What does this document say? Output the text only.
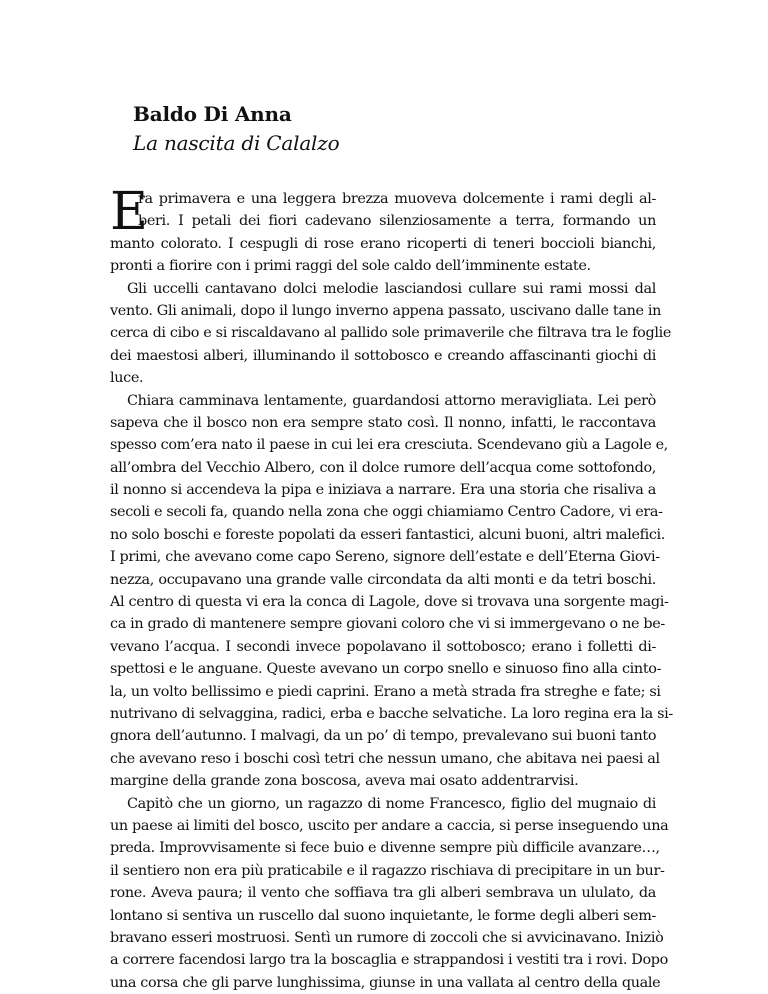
Baldo Di Anna
La nascita di Calalzo
E
ra primavera e una leggera brezza muoveva dolcemente i rami degli al-
beri. I petali dei fiori cadevano silenziosamente a terra, formando un
manto colorato. I cespugli di rose erano ricoperti di teneri boccioli bianchi,
pronti a fiorire con i primi raggi del sole caldo dell’imminente estate.
Gli uccelli cantavano dolci melodie lasciandosi cullare sui rami mossi dal
vento. Gli animali, dopo il lungo inverno appena passato, uscivano dalle tane in
cerca di cibo e si riscaldavano al pallido sole primaverile che filtrava tra le foglie
dei maestosi alberi, illuminando il sottobosco e creando affascinanti giochi di
luce.
Chiara camminava lentamente, guardandosi attorno meravigliata. Lei però
sapeva che il bosco non era sempre stato così. Il nonno, infatti, le raccontava
spesso com’era nato il paese in cui lei era cresciuta. Scendevano giù a Lagole e,
all’ombra del Vecchio Albero, con il dolce rumore dell’acqua come sottofondo,
il nonno si accendeva la pipa e iniziava a narrare. Era una storia che risaliva a
secoli e secoli fa, quando nella zona che oggi chiamiamo Centro Cadore, vi era-
no solo boschi e foreste popolati da esseri fantastici, alcuni buoni, altri malefici.
I primi, che avevano come capo Sereno, signore dell’estate e dell’Eterna Giovi-
nezza, occupavano una grande valle circondata da alti monti e da tetri boschi.
Al centro di questa vi era la conca di Lagole, dove si trovava una sorgente magi-
ca in grado di mantenere sempre giovani coloro che vi si immergevano o ne be-
vevano l’acqua. I secondi invece popolavano il sottobosco; erano i folletti di-
spettosi e le anguane. Queste avevano un corpo snello e sinuoso fino alla cinto-
la, un volto bellissimo e piedi caprini. Erano a metà strada fra streghe e fate; si
nutrivano di selvaggina, radici, erba e bacche selvatiche. La loro regina era la si-
gnora dell’autunno. I malvagi, da un po’ di tempo, prevalevano sui buoni tanto
che avevano reso i boschi così tetri che nessun umano, che abitava nei paesi al
margine della grande zona boscosa, aveva mai osato addentrarvisi.
Capitò che un giorno, un ragazzo di nome Francesco, figlio del mugnaio di
un paese ai limiti del bosco, uscito per andare a caccia, si perse inseguendo una
preda. Improvvisamente si fece buio e divenne sempre più difficile avanzare…,
il sentiero non era più praticabile e il ragazzo rischiava di precipitare in un bur-
rone. Aveva paura; il vento che soffiava tra gli alberi sembrava un ululato, da
lontano si sentiva un ruscello dal suono inquietante, le forme degli alberi sem-
bravano esseri mostruosi. Sentì un rumore di zoccoli che si avvicinavano. Iniziò
a correre facendosi largo tra la boscaglia e strappandosi i vestiti tra i rovi. Dopo
una corsa che gli parve lunghissima, giunse in una vallata al centro della quale
